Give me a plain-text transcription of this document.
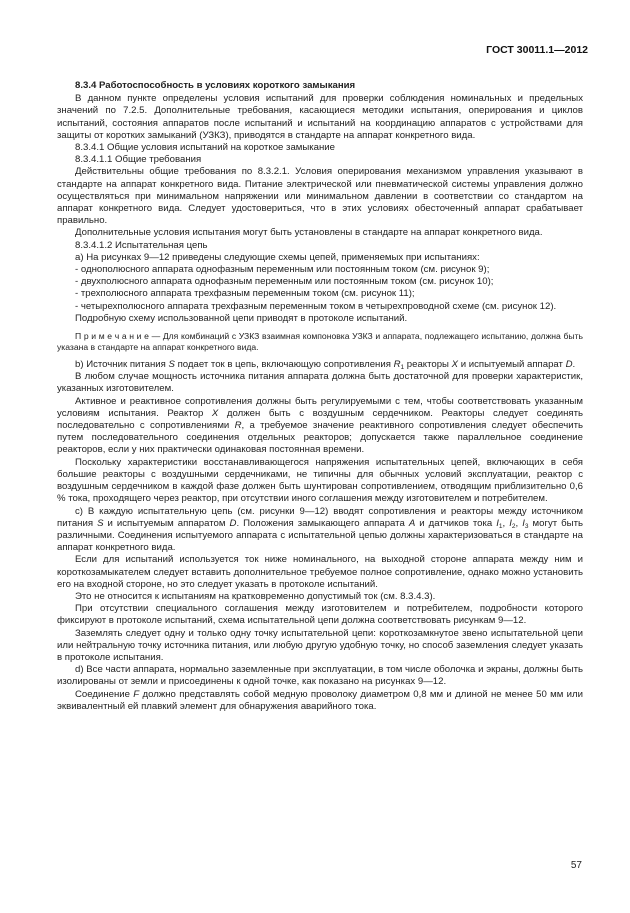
ГОСТ 30011.1—2012

8.3.4 Работоспособность в условиях короткого замыкания

В данном пункте определены условия испытаний для проверки соблюдения номинальных и предельных значений по 7.2.5. Дополнительные требования, касающиеся методики испытания, оперирования и циклов испытаний, состояния аппаратов после испытаний и испытаний на координацию аппаратов с устройствами для защиты от коротких замыканий (УЗКЗ), приводятся в стандарте на аппарат конкретного вида.

8.3.4.1 Общие условия испытаний на короткое замыкание

8.3.4.1.1 Общие требования

Действительны общие требования по 8.3.2.1. Условия оперирования механизмом управления указывают в стандарте на аппарат конкретного вида. Питание электрической или пневматической системы управления должно осуществляться при минимальном напряжении или минимальном давлении в соответствии со стандартом на аппарат конкретного вида. Следует удостовериться, что в этих условиях обесточенный аппарат срабатывает правильно.

Дополнительные условия испытания могут быть установлены в стандарте на аппарат конкретного вида.

8.3.4.1.2 Испытательная цепь

а) На рисунках 9—12 приведены следующие схемы цепей, применяемых при испытаниях:

- однополюсного аппарата однофазным переменным или постоянным током (см. рисунок 9);

- двухполюсного аппарата однофазным переменным или постоянным током (см. рисунок 10);

- трехполюсного аппарата трехфазным переменным током (см. рисунок 11);

- четырехполюсного аппарата трехфазным переменным током в четырехпроводной схеме (см. рисунок 12).

Подробную схему использованной цепи приводят в протоколе испытаний.

П р и м е ч а н и е — Для комбинаций с УЗКЗ взаимная компоновка УЗКЗ и аппарата, подлежащего испытанию, должна быть указана в стандарте на аппарат конкретного вида.

b) Источник питания S подает ток в цепь, включающую сопротивления $R_1$ реакторы X и испытуемый аппарат D.

В любом случае мощность источника питания аппарата должна быть достаточной для проверки характеристик, указанных изготовителем.

Активное и реактивное сопротивления должны быть регулируемыми с тем, чтобы соответствовать указанным условиям испытания. Реактор X должен быть с воздушным сердечником. Реакторы следует соединять последовательно с сопротивлениями R, а требуемое значение реактивного сопротивления следует обеспечить путем последовательного соединения отдельных реакторов; допускается также параллельное соединение реакторов, если у них практически одинаковая постоянная времени.

Поскольку характеристики восстанавливающегося напряжения испытательных цепей, включающих в себя большие реакторы с воздушными сердечниками, не типичны для обычных условий эксплуатации, реактор с воздушным сердечником в каждой фазе должен быть шунтирован сопротивлением, отводящим приблизительно 0,6 % тока, проходящего через реактор, при отсутствии иного соглашения между изготовителем и потребителем.

с) В каждую испытательную цепь (см. рисунки 9—12) вводят сопротивления и реакторы между источником питания S и испытуемым аппаратом D. Положения замыкающего аппарата А и датчиков тока $I_1$, $I_2$, $I_3$ могут быть различными. Соединения испытуемого аппарата с испытательной цепью должны характеризоваться в стандарте на аппарат конкретного вида.

Если для испытаний используется ток ниже номинального, на выходной стороне аппарата между ним и короткозамыкателем следует вставить дополнительное требуемое полное сопротивление, однако можно установить его на входной стороне, но это следует указать в протоколе испытаний.

Это не относится к испытаниям на кратковременно допустимый ток (см. 8.3.4.3).

При отсутствии специального соглашения между изготовителем и потребителем, подробности которого фиксируют в протоколе испытаний, схема испытательной цепи должна соответствовать рисункам 9—12.

Заземлять следует одну и только одну точку испытательной цепи: короткозамкнутое звено испытательной цепи или нейтральную точку источника питания, или любую другую удобную точку, но способ заземления следует указать в протоколе испытания.

d) Все части аппарата, нормально заземленные при эксплуатации, в том числе оболочка и экраны, должны быть изолированы от земли и присоединены к одной точке, как показано на рисунках 9—12.

Соединение F должно представлять собой медную проволоку диаметром 0,8 мм и длиной не менее 50 мм или эквивалентный ей плавкий элемент для обнаружения аварийного тока.

57
